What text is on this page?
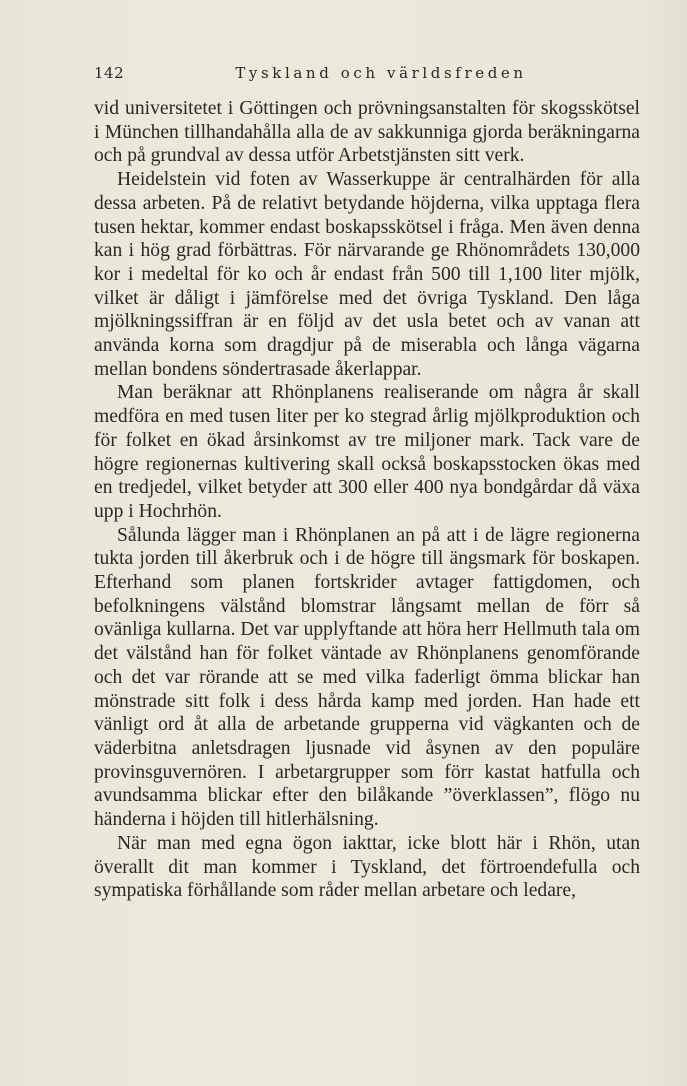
142	Tyskland och världsfreden

vid universitetet i Göttingen och prövningsanstalten för skogsskötsel i München tillhandahålla alla de av sakkunniga gjorda beräkningarna och på grundval av dessa utför Arbetstjänsten sitt verk.

Heidelstein vid foten av Wasserkuppe är centralhärden för alla dessa arbeten. På de relativt betydande höjderna, vilka upptaga flera tusen hektar, kommer endast boskapsskötsel i fråga. Men även denna kan i hög grad förbättras. För närvarande ge Rhönområdets 130,000 kor i medeltal för ko och år endast från 500 till 1,100 liter mjölk, vilket är dåligt i jämförelse med det övriga Tyskland. Den låga mjölkningssiffran är en följd av det usla betet och av vanan att använda korna som dragdjur på de miserabla och långa vägarna mellan bondens söndertrasade åkerlappar.

Man beräknar att Rhönplanens realiserande om några år skall medföra en med tusen liter per ko stegrad årlig mjölkproduktion och för folket en ökad årsinkomst av tre miljoner mark. Tack vare de högre regionernas kultivering skall också boskapsstocken ökas med en tredjedel, vilket betyder att 300 eller 400 nya bondgårdar då växa upp i Hochrhön.

Sålunda lägger man i Rhönplanen an på att i de lägre regionerna tukta jorden till åkerbruk och i de högre till ängsmark för boskapen. Efterhand som planen fortskrider avtager fattigdomen, och befolkningens välstånd blomstrar långsamt mellan de förr så ovänliga kullarna. Det var upplyftande att höra herr Hellmuth tala om det välstånd han för folket väntade av Rhönplanens genomförande och det var rörande att se med vilka faderligt ömma blickar han mönstrade sitt folk i dess hårda kamp med jorden. Han hade ett vänligt ord åt alla de arbetande grupperna vid vägkanten och de väderbitna anletsdragen ljusnade vid åsynen av den populäre provinsguvernören. I arbetargrupper som förr kastat hatfulla och avundsamma blickar efter den bilåkande ”överklassen”, flögo nu händerna i höjden till hitlerhälsning.

När man med egna ögon iakttar, icke blott här i Rhön, utan överallt dit man kommer i Tyskland, det förtroendefulla och sympatiska förhållande som råder mellan arbetare och ledare,
